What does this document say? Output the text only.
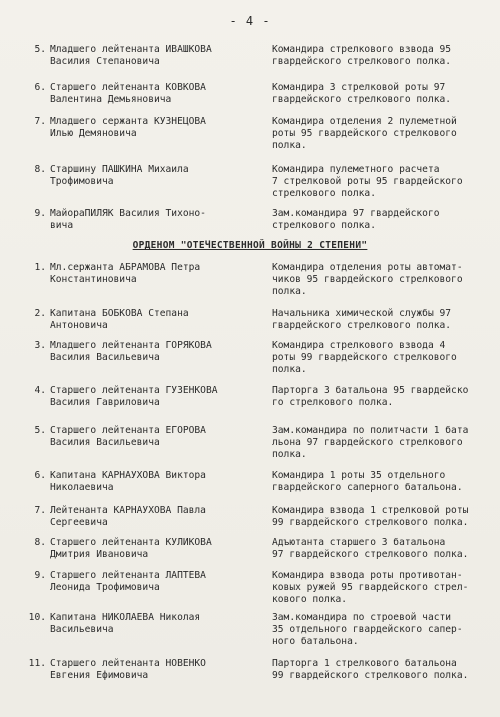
- 4 -
ОРДЕНОМ "ОТЕЧЕСТВЕННОЙ ВОЙНЫ 2 СТЕПЕНИ"
5. Младшего лейтенанта ИВАШКОВА
Василия Степановича
Командира стрелкового взвода 95
гвардейского стрелкового полка.
6. Старшего лейтенанта КОВКОВА
Валентина Демьяновича
Командира 3 стрелковой роты 97
гвардейского стрелкового полка.
7. Младшего сержанта КУЗНЕЦОВА
Илью Демяновича
Командира отделения 2 пулеметной
роты 95 гвардейского стрелкового
полка.
8. Старшину ПАШКИНА Михаила
Трофимовича
Командира пулеметного расчета
7 стрелковой роты 95 гвардейского
стрелкового полка.
9. МайораПИЛЯК Василия Тихоно-
вича
Зам.командира 97 гвардейского
стрелкового полка.
1. Мл.сержанта АБРАМОВА Петра
Константиновича
Командира отделения роты автомат-
чиков 95 гвардейского стрелкового
полка.
2. Капитана БОБКОВА Степана
Антоновича
Начальника химической службы 97
гвардейского стрелкового полка.
3. Младшего лейтенанта ГОРЯКОВА
Василия Васильевича
Командира стрелкового взвода 4
роты 99 гвардейского стрелкового
полка.
4. Старшего лейтенанта ГУЗЕНКОВА
Василия Гавриловича
Парторга 3 батальона 95 гвардейско
го стрелкового полка.
5. Старшего лейтенанта ЕГОРОВА
Василия Васильевича
Зам.командира по политчасти 1 бата
льона 97 гвардейского стрелкового
полка.
6. Капитана КАРНАУХОВА Виктора
Николаевича
Командира 1 роты 35 отдельного
гвардейского саперного батальона.
7. Лейтенанта КАРНАУХОВА Павла
Сергеевича
Командира взвода 1 стрелковой роты
99 гвардейского стрелкового полка.
8. Старшего лейтенанта КУЛИКОВА
Дмитрия Ивановича
Адъютанта старшего 3 батальона
97 гвардейского стрелкового полка.
9. Старшего лейтенанта ЛАПТЕВА
Леонида Трофимовича
Командира взвода роты противотан-
ковых ружей 95 гвардейского стрел-
кового полка.
10. Капитана НИКОЛАЕВА Николая
Васильевича
Зам.командира по строевой части
35 отдельного гвардейского сапер-
ного батальона.
11. Старшего лейтенанта НОВЕНКО
Евгения Ефимовича
Парторга 1 стрелкового батальона
99 гвардейского стрелкового полка.
